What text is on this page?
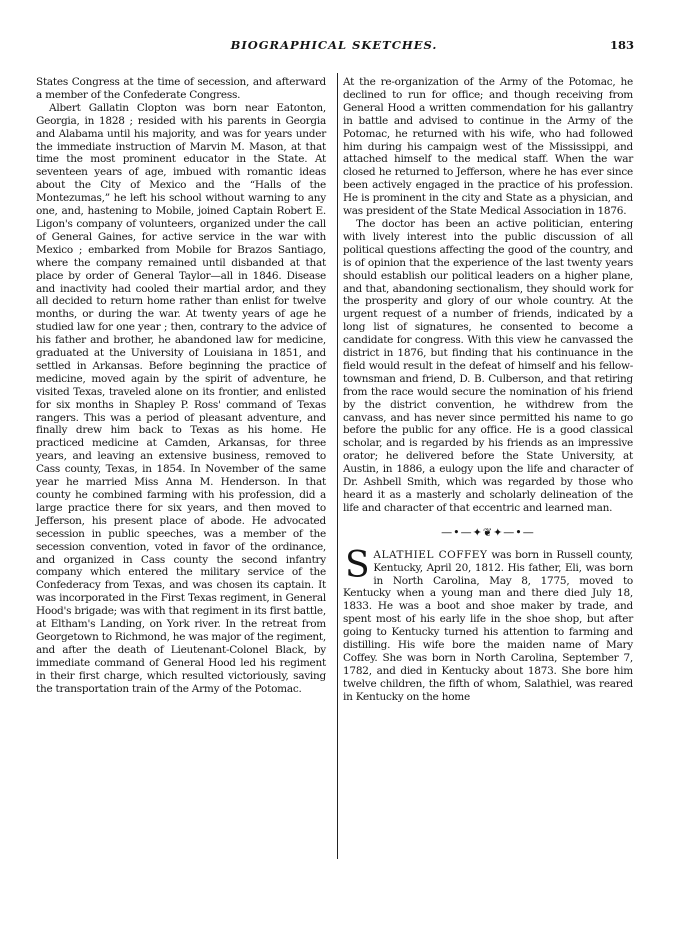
BIOGRAPHICAL SKETCHES.	183

States Congress at the time of secession, and afterward a member of the Confederate Congress.

Albert Gallatin Clopton was born near Eatonton, Georgia, in 1828 ; resided with his parents in Georgia and Alabama until his majority, and was for years under the immediate instruction of Marvin M. Mason, at that time the most prominent educator in the State. At seventeen years of age, imbued with romantic ideas about the City of Mexico and the “Halls of the Montezumas,” he left his school without warning to any one, and, hastening to Mobile, joined Captain Robert E. Ligon's company of volunteers, organized under the call of General Gaines, for active service in the war with Mexico ; embarked from Mobile for Brazos Santiago, where the company remained until disbanded at that place by order of General Taylor—all in 1846. Disease and inactivity had cooled their martial ardor, and they all decided to return home rather than enlist for twelve months, or during the war. At twenty years of age he studied law for one year ; then, contrary to the advice of his father and brother, he abandoned law for medicine, graduated at the University of Louisiana in 1851, and settled in Arkansas. Before beginning the practice of medicine, moved again by the spirit of adventure, he visited Texas, traveled alone on its frontier, and enlisted for six months in Shapley P. Ross' command of Texas rangers. This was a period of pleasant adventure, and finally drew him back to Texas as his home. He practiced medicine at Camden, Arkansas, for three years, and leaving an extensive business, removed to Cass county, Texas, in 1854. In November of the same year he married Miss Anna M. Henderson. In that county he combined farming with his profession, did a large practice there for six years, and then moved to Jefferson, his present place of abode. He advocated secession in public speeches, was a member of the secession convention, voted in favor of the ordinance, and organized in Cass county the second infantry company which entered the military service of the Confederacy from Texas, and was chosen its captain. It was incorporated in the First Texas regiment, in General Hood's brigade; was with that regiment in its first battle, at Eltham's Landing, on York river. In the retreat from Georgetown to Richmond, he was major of the regiment, and after the death of Lieutenant-Colonel Black, by immediate command of General Hood led his regiment in their first charge, which resulted victoriously, saving the transportation train of the Army of the Potomac.

At the re-organization of the Army of the Potomac, he declined to run for office; and though receiving from General Hood a written commendation for his gallantry in battle and advised to continue in the Army of the Potomac, he returned with his wife, who had followed him during his campaign west of the Mississippi, and attached himself to the medical staff. When the war closed he returned to Jefferson, where he has ever since been actively engaged in the practice of his profession. He is prominent in the city and State as a physician, and was president of the State Medical Association in 1876.

The doctor has been an active politician, entering with lively interest into the public discussion of all political questions affecting the good of the country, and is of opinion that the experience of the last twenty years should establish our political leaders on a higher plane, and that, abandoning sectionalism, they should work for the prosperity and glory of our whole country. At the urgent request of a number of friends, indicated by a long list of signatures, he consented to become a candidate for congress. With this view he canvassed the district in 1876, but finding that his continuance in the field would result in the defeat of himself and his fellow-townsman and friend, D. B. Culberson, and that retiring from the race would secure the nomination of his friend by the district convention, he withdrew from the canvass, and has never since permitted his name to go before the public for any office. He is a good classical scholar, and is regarded by his friends as an impressive orator; he delivered before the State University, at Austin, in 1886, a eulogy upon the life and character of Dr. Ashbell Smith, which was regarded by those who heard it as a masterly and scholarly delineation of the life and character of that eccentric and learned man.

—•—✦❦✦—•—

SALATHIEL COFFEY was born in Russell county, Kentucky, April 20, 1812. His father, Eli, was born in North Carolina, May 8, 1775, moved to Kentucky when a young man and there died July 18, 1833. He was a boot and shoe maker by trade, and spent most of his early life in the shoe shop, but after going to Kentucky turned his attention to farming and distilling. His wife bore the maiden name of Mary Coffey. She was born in North Carolina, September 7, 1782, and died in Kentucky about 1873. She bore him twelve children, the fifth of whom, Salathiel, was reared in Kentucky on the home
